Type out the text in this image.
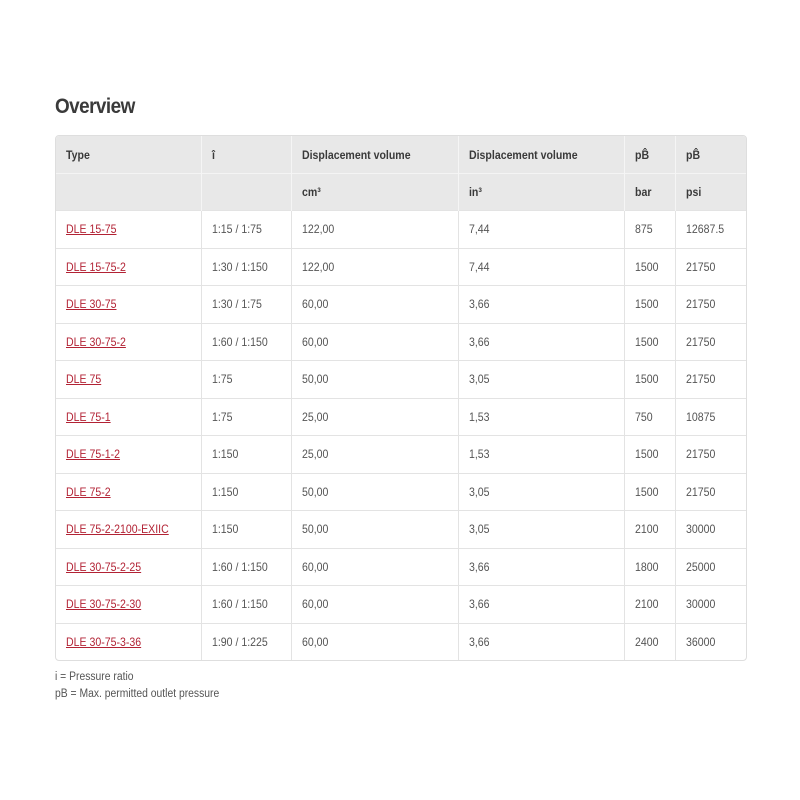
Overview
Type	î	Displacement volume	Displacement volume	pB̂	pB̂
		cm³	in³	bar	psi
DLE 15-75	1:15 / 1:75	122,00	7,44	875	12687.5
DLE 15-75-2	1:30 / 1:150	122,00	7,44	1500	21750
DLE 30-75	1:30 / 1:75	60,00	3,66	1500	21750
DLE 30-75-2	1:60 / 1:150	60,00	3,66	1500	21750
DLE 75	1:75	50,00	3,05	1500	21750
DLE 75-1	1:75	25,00	1,53	750	10875
DLE 75-1-2	1:150	25,00	1,53	1500	21750
DLE 75-2	1:150	50,00	3,05	1500	21750
DLE 75-2-2100-EXIIC	1:150	50,00	3,05	2100	30000
DLE 30-75-2-25	1:60 / 1:150	60,00	3,66	1800	25000
DLE 30-75-2-30	1:60 / 1:150	60,00	3,66	2100	30000
DLE 30-75-3-36	1:90 / 1:225	60,00	3,66	2400	36000
i = Pressure ratio
pB = Max. permitted outlet pressure
